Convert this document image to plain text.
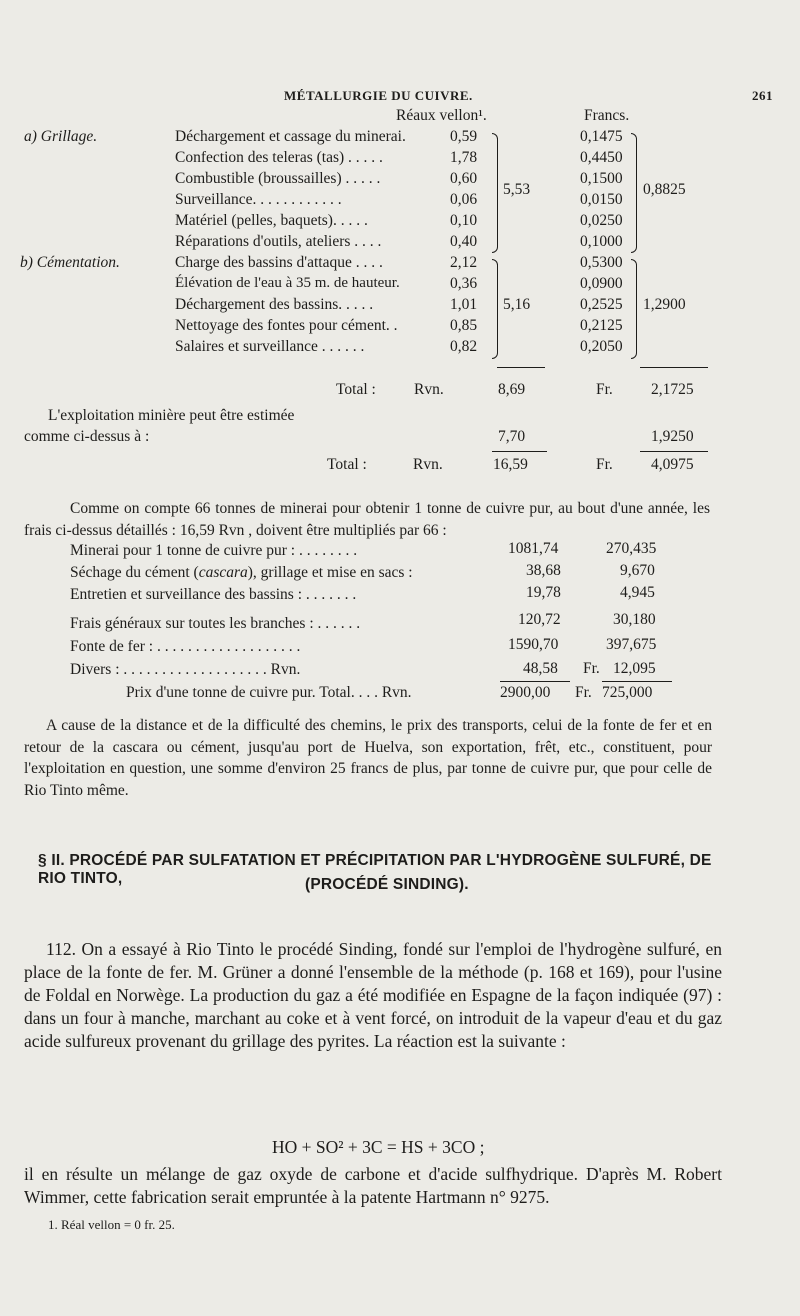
MÉTALLURGIE DU CUIVRE.	261
Réaux vellon¹.	Francs.
a) Grillage.	Déchargement et cassage du minerai.	0,59	0,1475
Confection des teleras (tas) . . . . .	1,78	0,4450
Combustible (broussailles) . . . . .	0,60	0,1500
Surveillance. . . . . . . . . . . .	0,06	0,0150
Matériel (pelles, baquets). . . . .	0,10	0,0250
Réparations d'outils, ateliers . . . .	0,40	0,1000
5,53	0,8825
b) Cémentation.	Charge des bassins d'attaque . . . .	2,12	0,5300
Élévation de l'eau à 35 m. de hauteur.	0,36	0,0900
Déchargement des bassins. . . . .	1,01	0,2525
Nettoyage des fontes pour cément. .	0,85	0,2125
Salaires et surveillance . . . . . .	0,82	0,2050
5,16	1,2900
Total : Rvn.	8,69	Fr. 2,1725
L'exploitation minière peut être estimée
comme ci-dessus à :	7,70	1,9250
Total :	Rvn.	16,59	Fr. 4,0975
Comme on compte 66 tonnes de minerai pour obtenir 1 tonne de cuivre pur, au bout d'une année, les frais ci-dessus détaillés : 16,59 Rvn , doivent être multipliés par 66 :
Minerai pour 1 tonne de cuivre pur : . . . . . . . .	1081,74	270,435
Séchage du cément (cascara), grillage et mise en sacs :	38,68	9,670
Entretien et surveillance des bassins : . . . . . . .	19,78	4,945
Frais généraux sur toutes les branches : . . . . . .	120,72	30,180
Fonte de fer : . . . . . . . . . . . . . . . . . . .	1590,70	397,675
Divers : . . . . . . . . . . . . . . . . . . . Rvn.	48,58 Fr. 12,095
Prix d'une tonne de cuivre pur. Total. . . . Rvn.	2900,00 Fr. 725,000
A cause de la distance et de la difficulté des chemins, le prix des transports, celui de la fonte de fer et en retour de la cascara ou cément, jusqu'au port de Huelva, son exportation, frêt, etc., constituent, pour l'exploitation en question, une somme d'environ 25 francs de plus, par tonne de cuivre pur, que pour celle de Rio Tinto même.
§ II. PROCÉDÉ PAR SULFATATION ET PRÉCIPITATION PAR L'HYDROGÈNE SULFURÉ, DE RIO TINTO,	(PROCÉDÉ SINDING).
112. On a essayé à Rio Tinto le procédé Sinding, fondé sur l'emploi de l'hydrogène sulfuré, en place de la fonte de fer. M. Grüner a donné l'ensemble de la méthode (p. 168 et 169), pour l'usine de Foldal en Norwège. La production du gaz a été modifiée en Espagne de la façon indiquée (97) : dans un four à manche, marchant au coke et à vent forcé, on introduit de la vapeur d'eau et du gaz acide sulfureux provenant du grillage des pyrites. La réaction est la suivante :
HO + SO² + 3C = HS + 3CO ;
il en résulte un mélange de gaz oxyde de carbone et d'acide sulfhydrique. D'après M. Robert Wimmer, cette fabrication serait empruntée à la patente Hartmann n° 9275.
1. Réal vellon = 0 fr. 25.
